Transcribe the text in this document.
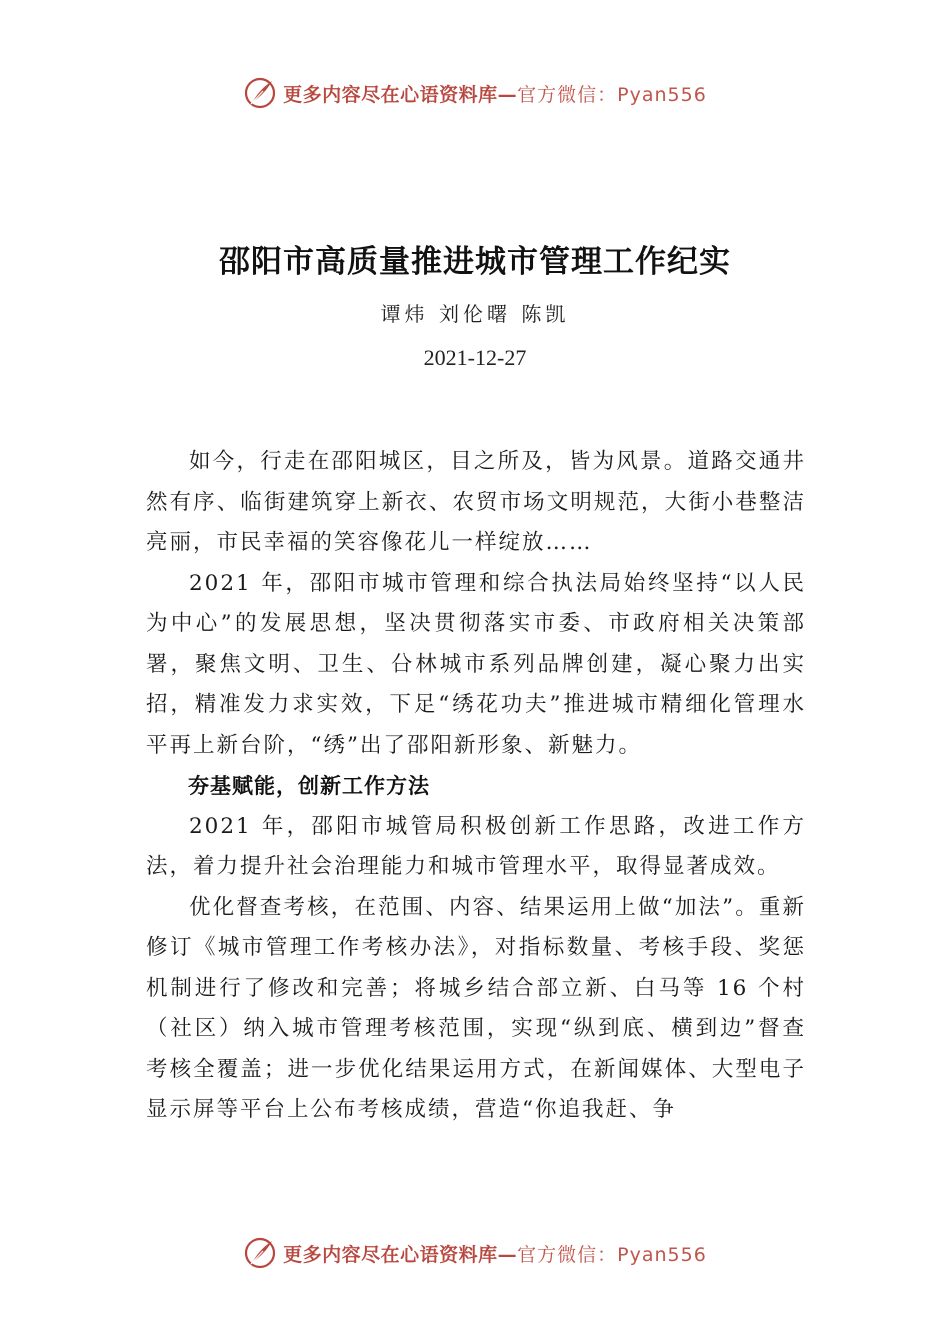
更多内容尽在心语资料库— 官方微信：Pyan556
邵阳市高质量推进城市管理工作纪实
谭炜 刘伦曙 陈凯
2021-12-27

如今，行走在邵阳城区，目之所及，皆为风景。道路交通井然有序、临街建筑穿上新衣、农贸市场文明规范，大街小巷整洁亮丽，市民幸福的笑容像花儿一样绽放……

2021 年，邵阳市城市管理和综合执法局始终坚持“以人民为中心”的发展思想，坚决贯彻落实市委、市政府相关决策部署，聚焦文明、卫生、㕣林城市系列品牌创建，凝心聚力出实招，精准发力求实效，下足“绣花功夫”推进城市精细化管理水平再上新台阶，“绣”出了邵阳新形象、新魅力。

夯基赋能，创新工作方法

2021 年，邵阳市城管局积极创新工作思路，改进工作方法，着力提升社会治理能力和城市管理水平，取得显著成效。

优化督查考核，在范围、内容、结果运用上做“加法”。重新修订《城市管理工作考核办法》，对指标数量、考核手段、奖惩机制进行了修改和完善；将城乡结合部立新、白马等 16 个村（社区）纳入城市管理考核范围，实现“纵到底、横到边”督查考核全覆盖；进一步优化结果运用方式，在新闻媒体、大型电子显示屏等平台上公布考核成绩，营造“你追我赶、争

更多内容尽在心语资料库— 官方微信：Pyan556
